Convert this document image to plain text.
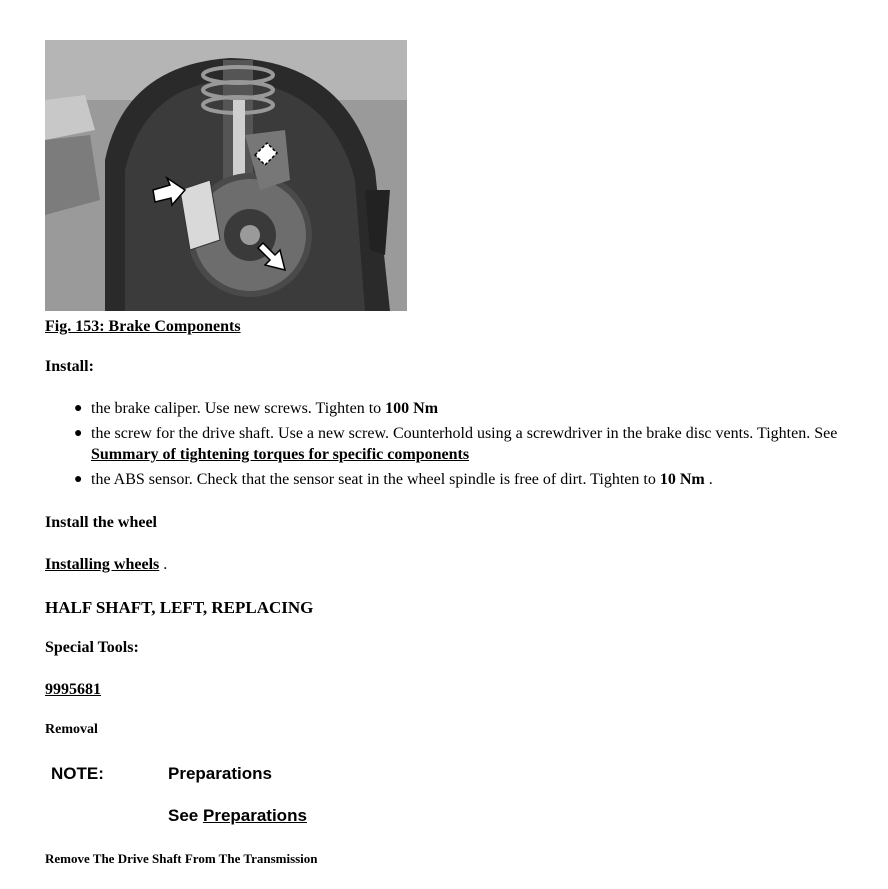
Fig. 153: Brake Components
Install:
● the brake caliper. Use new screws. Tighten to 100 Nm
● the screw for the drive shaft. Use a new screw. Counterhold using a screwdriver in the brake disc vents. Tighten. See Summary of tightening torques for specific components
● the ABS sensor. Check that the sensor seat in the wheel spindle is free of dirt. Tighten to 10 Nm .
Install the wheel
Installing wheels .
HALF SHAFT, LEFT, REPLACING
Special Tools:
9995681
Removal
NOTE:	Preparations
See Preparations
Remove The Drive Shaft From The Transmission
